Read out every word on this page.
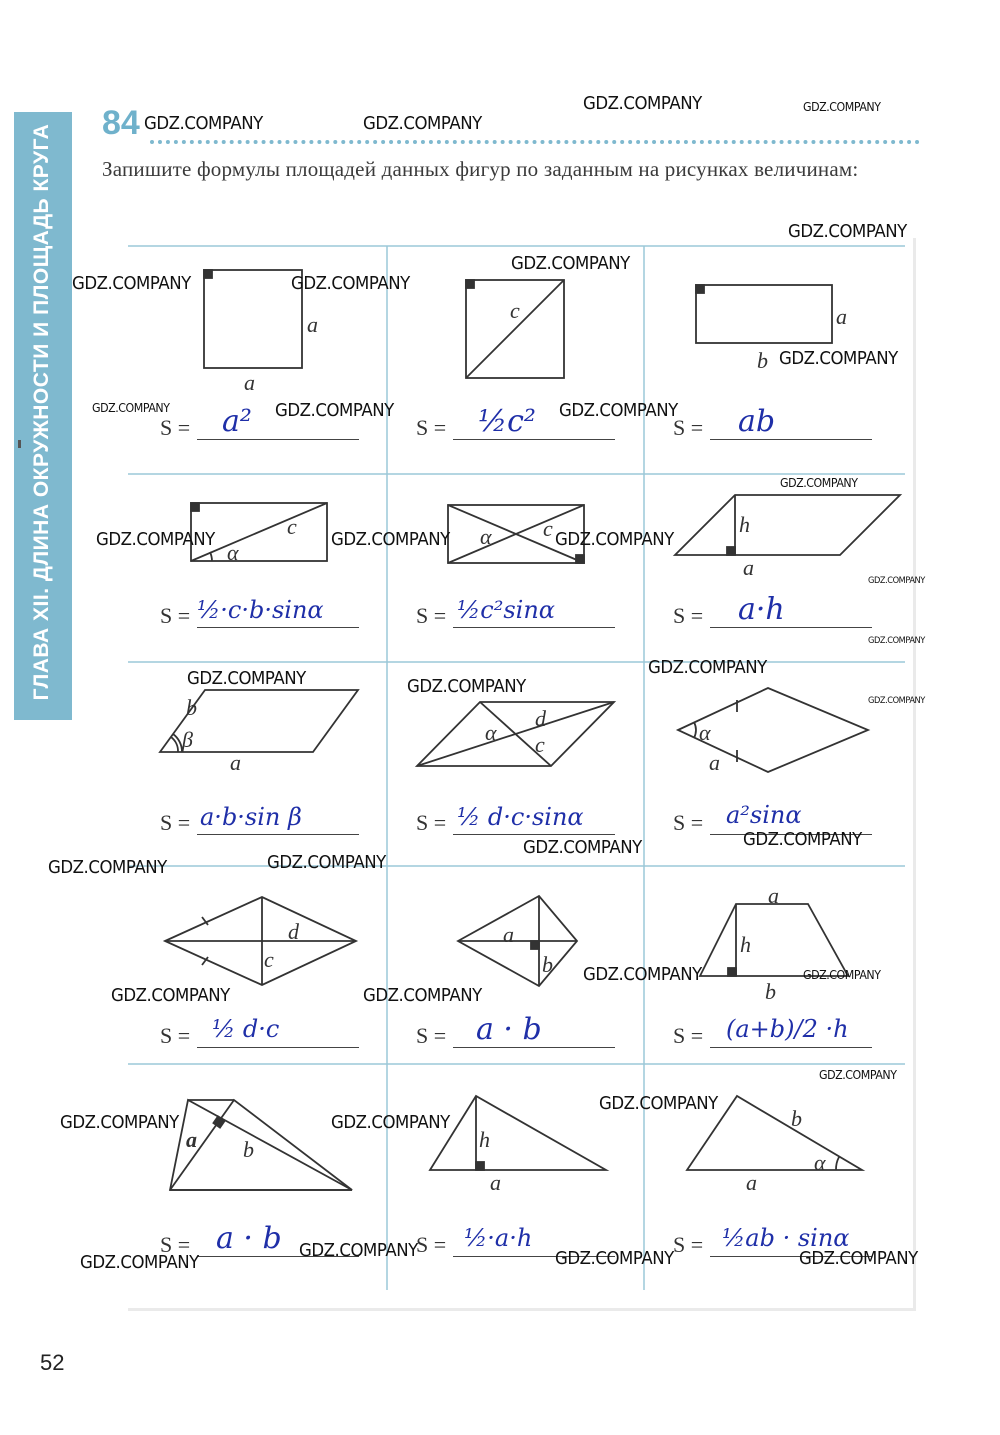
ГЛАВА XII. ДЛИНА ОКРУЖНОСТИ И ПЛОЩАДЬ КРУГА
84
Запишите формулы площадей данных фигур по заданным на рисунках величинам:
a
a
c	a
b
c
α
α c	h
a
b
β
a
α
d
c	α
a
d
c
a
b
a
h
b
a b	h
a
b
α
a
S = a²	S = ½c²	S = ab
S = ½·c·b·sinα	S = ½c²sinα	S = a·h
S = a·b·sin β	S = ½ d·c·sinα	S = a²sinα
S = ½ d·c	S = a · b	S = (a+b)/2 ·h
S = a · b	S = ½·a·h	S = ½ab · sinα
GDZ.COMPANY	GDZ.COMPANY
GDZ.COMPANY	GDZ.COMPANY
GDZ.COMPANY
GDZ.COMPANY
GDZ.COMPANY	GDZ.COMPANY
GDZ.COMPANY
GDZ.COMPANY	GDZ.COMPANY	GDZ.COMPANY
GDZ.COMPANY
GDZ.COMPANY	GDZ.COMPANY	GDZ.COMPANY
GDZ.COMPANY
GDZ.COMPANY
GDZ.COMPANY
GDZ.COMPANY	GDZ.COMPANY
GDZ.COMPANY
GDZ.COMPANY
GDZ.COMPANY
GDZ.COMPANY
GDZ.COMPANY
GDZ.COMPANY	GDZ.COMPANY
GDZ.COMPANY	GDZ.COMPANY
GDZ.COMPANY
GDZ.COMPANY
GDZ.COMPANY	GDZ.COMPANY
GDZ.COMPANY
GDZ.COMPANY	GDZ.COMPANY	GDZ.COMPANY
52
